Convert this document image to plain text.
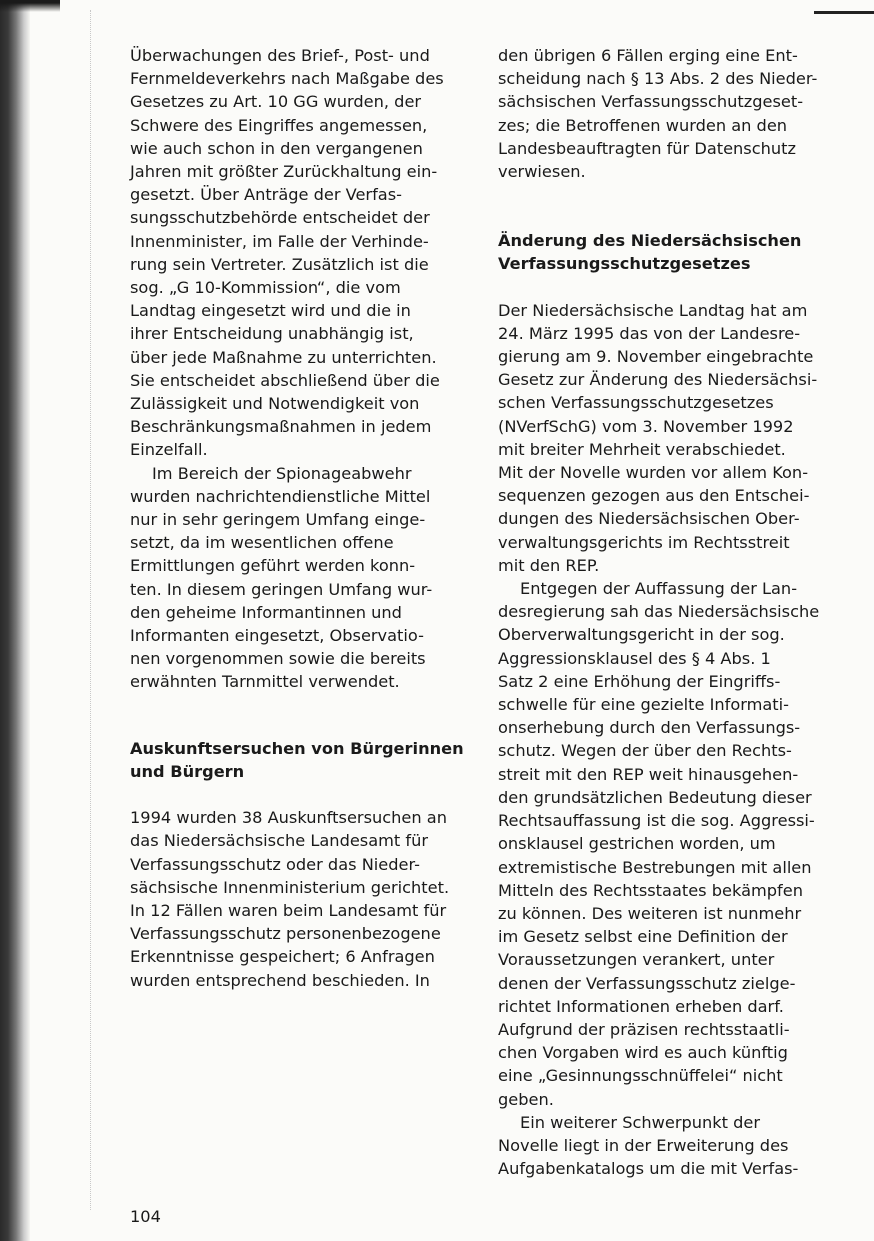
Überwachungen des Brief-, Post- und
Fernmeldeverkehrs nach Maßgabe des
Gesetzes zu Art. 10 GG wurden, der
Schwere des Eingriffes angemessen,
wie auch schon in den vergangenen
Jahren mit größter Zurückhaltung ein-
gesetzt. Über Anträge der Verfas-
sungsschutzbehörde entscheidet der
Innenminister, im Falle der Verhinde-
rung sein Vertreter. Zusätzlich ist die
sog. „G 10-Kommission“, die vom
Landtag eingesetzt wird und die in
ihrer Entscheidung unabhängig ist,
über jede Maßnahme zu unterrichten.
Sie entscheidet abschließend über die
Zulässigkeit und Notwendigkeit von
Beschränkungsmaßnahmen in jedem
Einzelfall.

Im Bereich der Spionageabwehr
wurden nachrichtendienstliche Mittel
nur in sehr geringem Umfang einge-
setzt, da im wesentlichen offene
Ermittlungen geführt werden konn-
ten. In diesem geringen Umfang wur-
den geheime Informantinnen und
Informanten eingesetzt, Observatio-
nen vorgenommen sowie die bereits
erwähnten Tarnmittel verwendet.

Auskunftsersuchen von Bürgerinnen
und Bürgern

1994 wurden 38 Auskunftsersuchen an
das Niedersächsische Landesamt für
Verfassungsschutz oder das Nieder-
sächsische Innenministerium gerichtet.
In 12 Fällen waren beim Landesamt für
Verfassungsschutz personenbezogene
Erkenntnisse gespeichert; 6 Anfragen
wurden entsprechend beschieden. In

den übrigen 6 Fällen erging eine Ent-
scheidung nach § 13 Abs. 2 des Nieder-
sächsischen Verfassungsschutzgeset-
zes; die Betroffenen wurden an den
Landesbeauftragten für Datenschutz
verwiesen.

Änderung des Niedersächsischen
Verfassungsschutzgesetzes

Der Niedersächsische Landtag hat am
24. März 1995 das von der Landesre-
gierung am 9. November eingebrachte
Gesetz zur Änderung des Niedersächsi-
schen Verfassungsschutzgesetzes
(NVerfSchG) vom 3. November 1992
mit breiter Mehrheit verabschiedet.
Mit der Novelle wurden vor allem Kon-
sequenzen gezogen aus den Entschei-
dungen des Niedersächsischen Ober-
verwaltungsgerichts im Rechtsstreit
mit den REP.

Entgegen der Auffassung der Lan-
desregierung sah das Niedersächsische
Oberverwaltungsgericht in der sog.
Aggressionsklausel des § 4 Abs. 1
Satz 2 eine Erhöhung der Eingriffs-
schwelle für eine gezielte Informati-
onserhebung durch den Verfassungs-
schutz. Wegen der über den Rechts-
streit mit den REP weit hinausgehen-
den grundsätzlichen Bedeutung dieser
Rechtsauffassung ist die sog. Aggressi-
onsklausel gestrichen worden, um
extremistische Bestrebungen mit allen
Mitteln des Rechtsstaates bekämpfen
zu können. Des weiteren ist nunmehr
im Gesetz selbst eine Definition der
Voraussetzungen verankert, unter
denen der Verfassungsschutz zielge-
richtet Informationen erheben darf.
Aufgrund der präzisen rechtsstaatli-
chen Vorgaben wird es auch künftig
eine „Gesinnungsschnüffelei“ nicht
geben.

Ein weiterer Schwerpunkt der
Novelle liegt in der Erweiterung des
Aufgabenkatalogs um die mit Verfas-

104
